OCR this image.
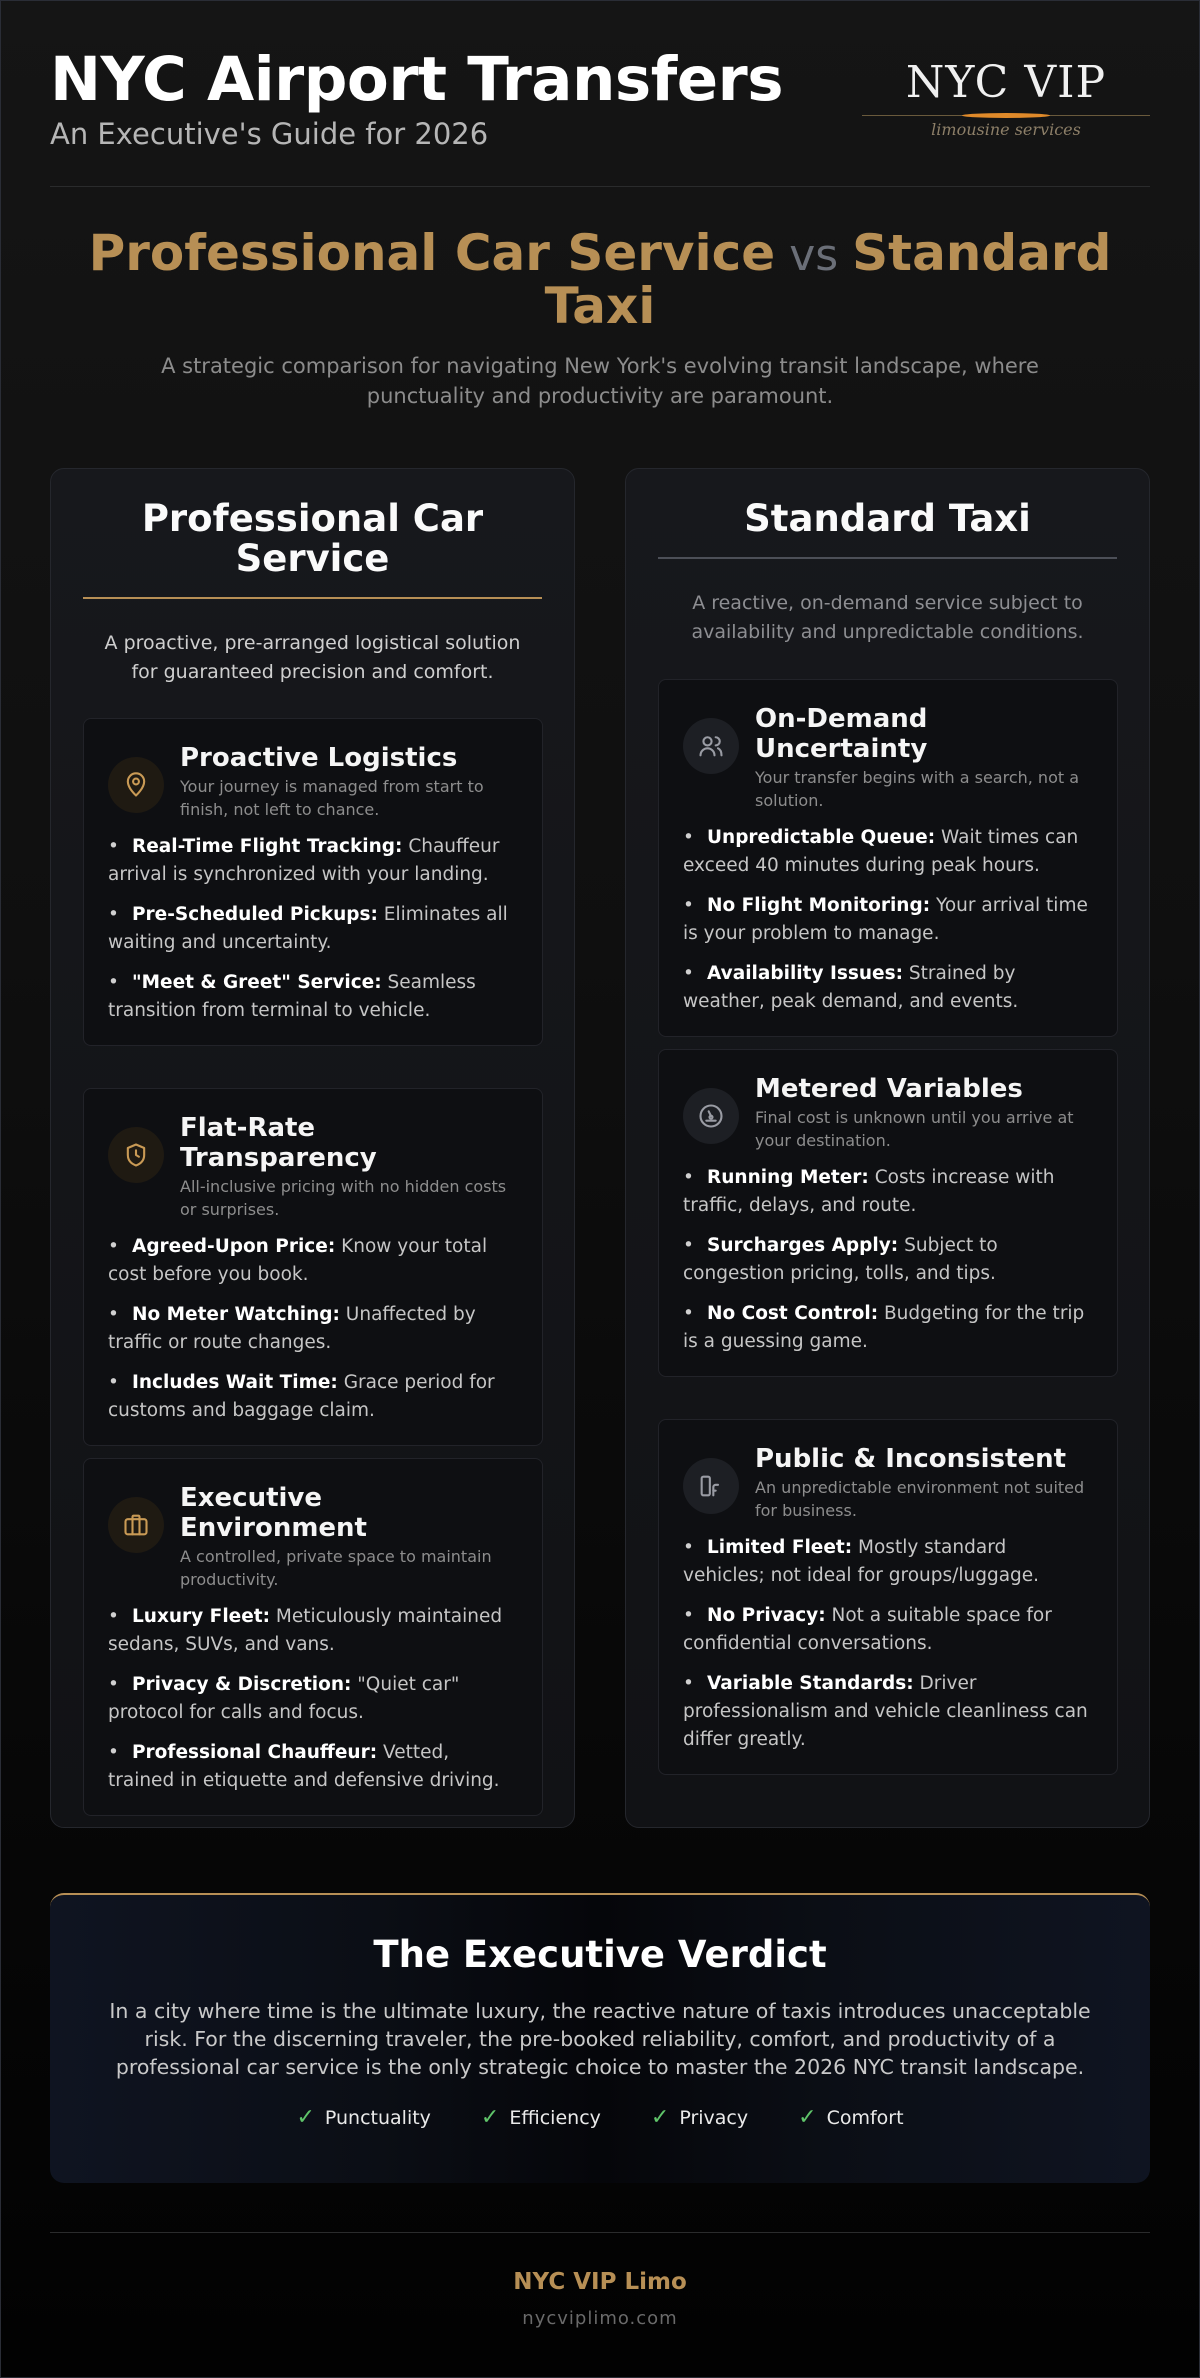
NYC Airport Transfers
An Executive's Guide for 2026
NYC VIP
limousine services
Professional Car Service vs Standard Taxi

A strategic comparison for navigating New York's evolving transit landscape, where punctuality and productivity are paramount.

Professional Car Service

A proactive, pre-arranged logistical solution for guaranteed precision and comfort.

Proactive Logistics
Your journey is managed from start to finish, not left to chance.
• Real-Time Flight Tracking: Chauffeur arrival is synchronized with your landing.
• Pre-Scheduled Pickups: Eliminates all waiting and uncertainty.
• "Meet & Greet" Service: Seamless transition from terminal to vehicle.
Flat-Rate Transparency
All-inclusive pricing with no hidden costs or surprises.
• Agreed-Upon Price: Know your total cost before you book.
• No Meter Watching: Unaffected by traffic or route changes.
• Includes Wait Time: Grace period for customs and baggage claim.
Executive Environment
A controlled, private space to maintain productivity.
• Luxury Fleet: Meticulously maintained sedans, SUVs, and vans.
• Privacy & Discretion: "Quiet car" protocol for calls and focus.
• Professional Chauffeur: Vetted, trained in etiquette and defensive driving.
Standard Taxi

A reactive, on-demand service subject to availability and unpredictable conditions.

On-Demand Uncertainty
Your transfer begins with a search, not a solution.
• Unpredictable Queue: Wait times can exceed 40 minutes during peak hours.
• No Flight Monitoring: Your arrival time is your problem to manage.
• Availability Issues: Strained by weather, peak demand, and events.
Metered Variables
Final cost is unknown until you arrive at your destination.
• Running Meter: Costs increase with traffic, delays, and route.
• Surcharges Apply: Subject to congestion pricing, tolls, and tips.
• No Cost Control: Budgeting for the trip is a guessing game.
Public & Inconsistent
An unpredictable environment not suited for business.
• Limited Fleet: Mostly standard vehicles; not ideal for groups/luggage.
• No Privacy: Not a suitable space for confidential conversations.
• Variable Standards: Driver professionalism and vehicle cleanliness can differ greatly.
The Executive Verdict

In a city where time is the ultimate luxury, the reactive nature of taxis introduces unacceptable risk. For the discerning traveler, the pre-booked reliability, comfort, and productivity of a professional car service is the only strategic choice to master the 2026 NYC transit landscape.

✓ Punctuality ✓ Efficiency ✓ Privacy ✓ Comfort
NYC VIP Limo
nycviplimo.com
